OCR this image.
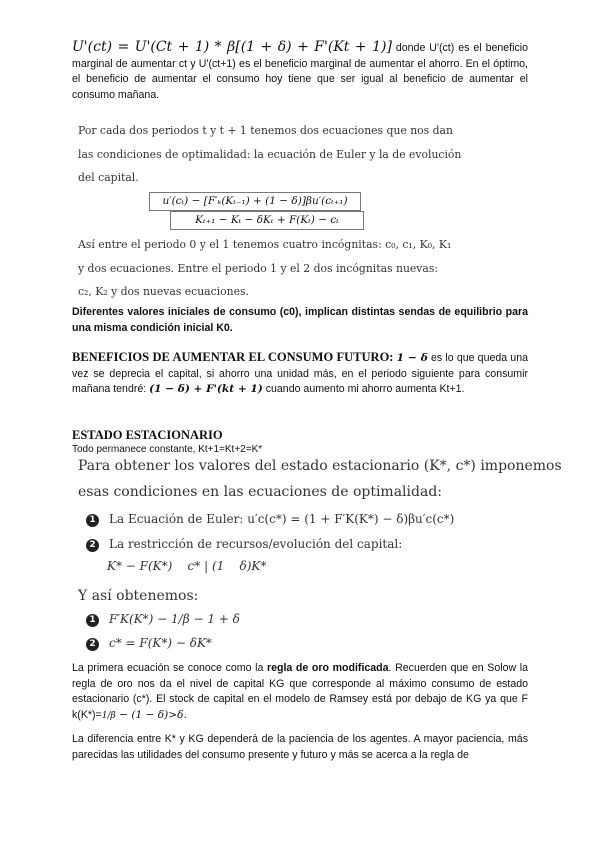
U'(ct) = U'(Ct + 1) * β[(1 + δ) + F'(Kt + 1)] donde U'(ct) es el beneficio marginal de aumentar ct y U'(ct+1) es el beneficio marginal de aumentar el ahorro. En el óptimo, el beneficio de aumentar el consumo hoy tiene que ser igual al beneficio de aumentar el consumo mañana.
Por cada dos periodos t y t + 1 tenemos dos ecuaciones que nos dan
las condiciones de optimalidad: la ecuación de Euler y la de evolución
del capital.
u′(cₜ) − [F′ₖ(Kₜ₋₁) + (1 − δ)]βu′(cₜ₊₁)
Kₜ₊₁ − Kₜ − δKₜ + F(Kₜ) − cₜ
Así entre el periodo 0 y el 1 tenemos cuatro incógnitas: c₀, c₁, K₀, K₁
y dos ecuaciones. Entre el periodo 1 y el 2 dos incógnitas nuevas:
c₂, K₂ y dos nuevas ecuaciones.
Diferentes valores iniciales de consumo (c0), implican distintas sendas de equilibrio para una misma condición inicial K0.
BENEFICIOS DE AUMENTAR EL CONSUMO FUTURO: 1 − δ es lo que queda una vez se deprecia el capital, si ahorro una unidad más, en el periodo siguiente para consumir mañana tendré: (1 − δ) + F'(kt + 1) cuando aumento mi ahorro aumenta Kt+1.
ESTADO ESTACIONARIO
Todo permanece constante, Kt+1=Kt+2=K*
Para obtener los valores del estado estacionario (K*, c*) imponemos
esas condiciones en las ecuaciones de optimalidad:
1 La Ecuación de Euler: u′c(c*) = (1 + F′K(K*) − δ)βu′c(c*)
2 La restricción de recursos/evolución del capital:
K* − F(K*)    c* | (1    δ)K*
Y así obtenemos:
1 F′K(K*) − 1/β − 1 + δ
2 c* = F(K*) − δK*
La primera ecuación se conoce como la regla de oro modificada. Recuerden que en Solow la regla de oro nos da el nivel de capital KG que corresponde al máximo consumo de estado estacionario (c*). El stock de capital en el modelo de Ramsey está por debajo de KG ya que F k(K*)=1/β − (1 − δ)>δ.
La diferencia entre K* y KG dependerá de la paciencia de los agentes. A mayor paciencia, más parecidas las utilidades del consumo presente y futuro y más se acerca a la regla de
